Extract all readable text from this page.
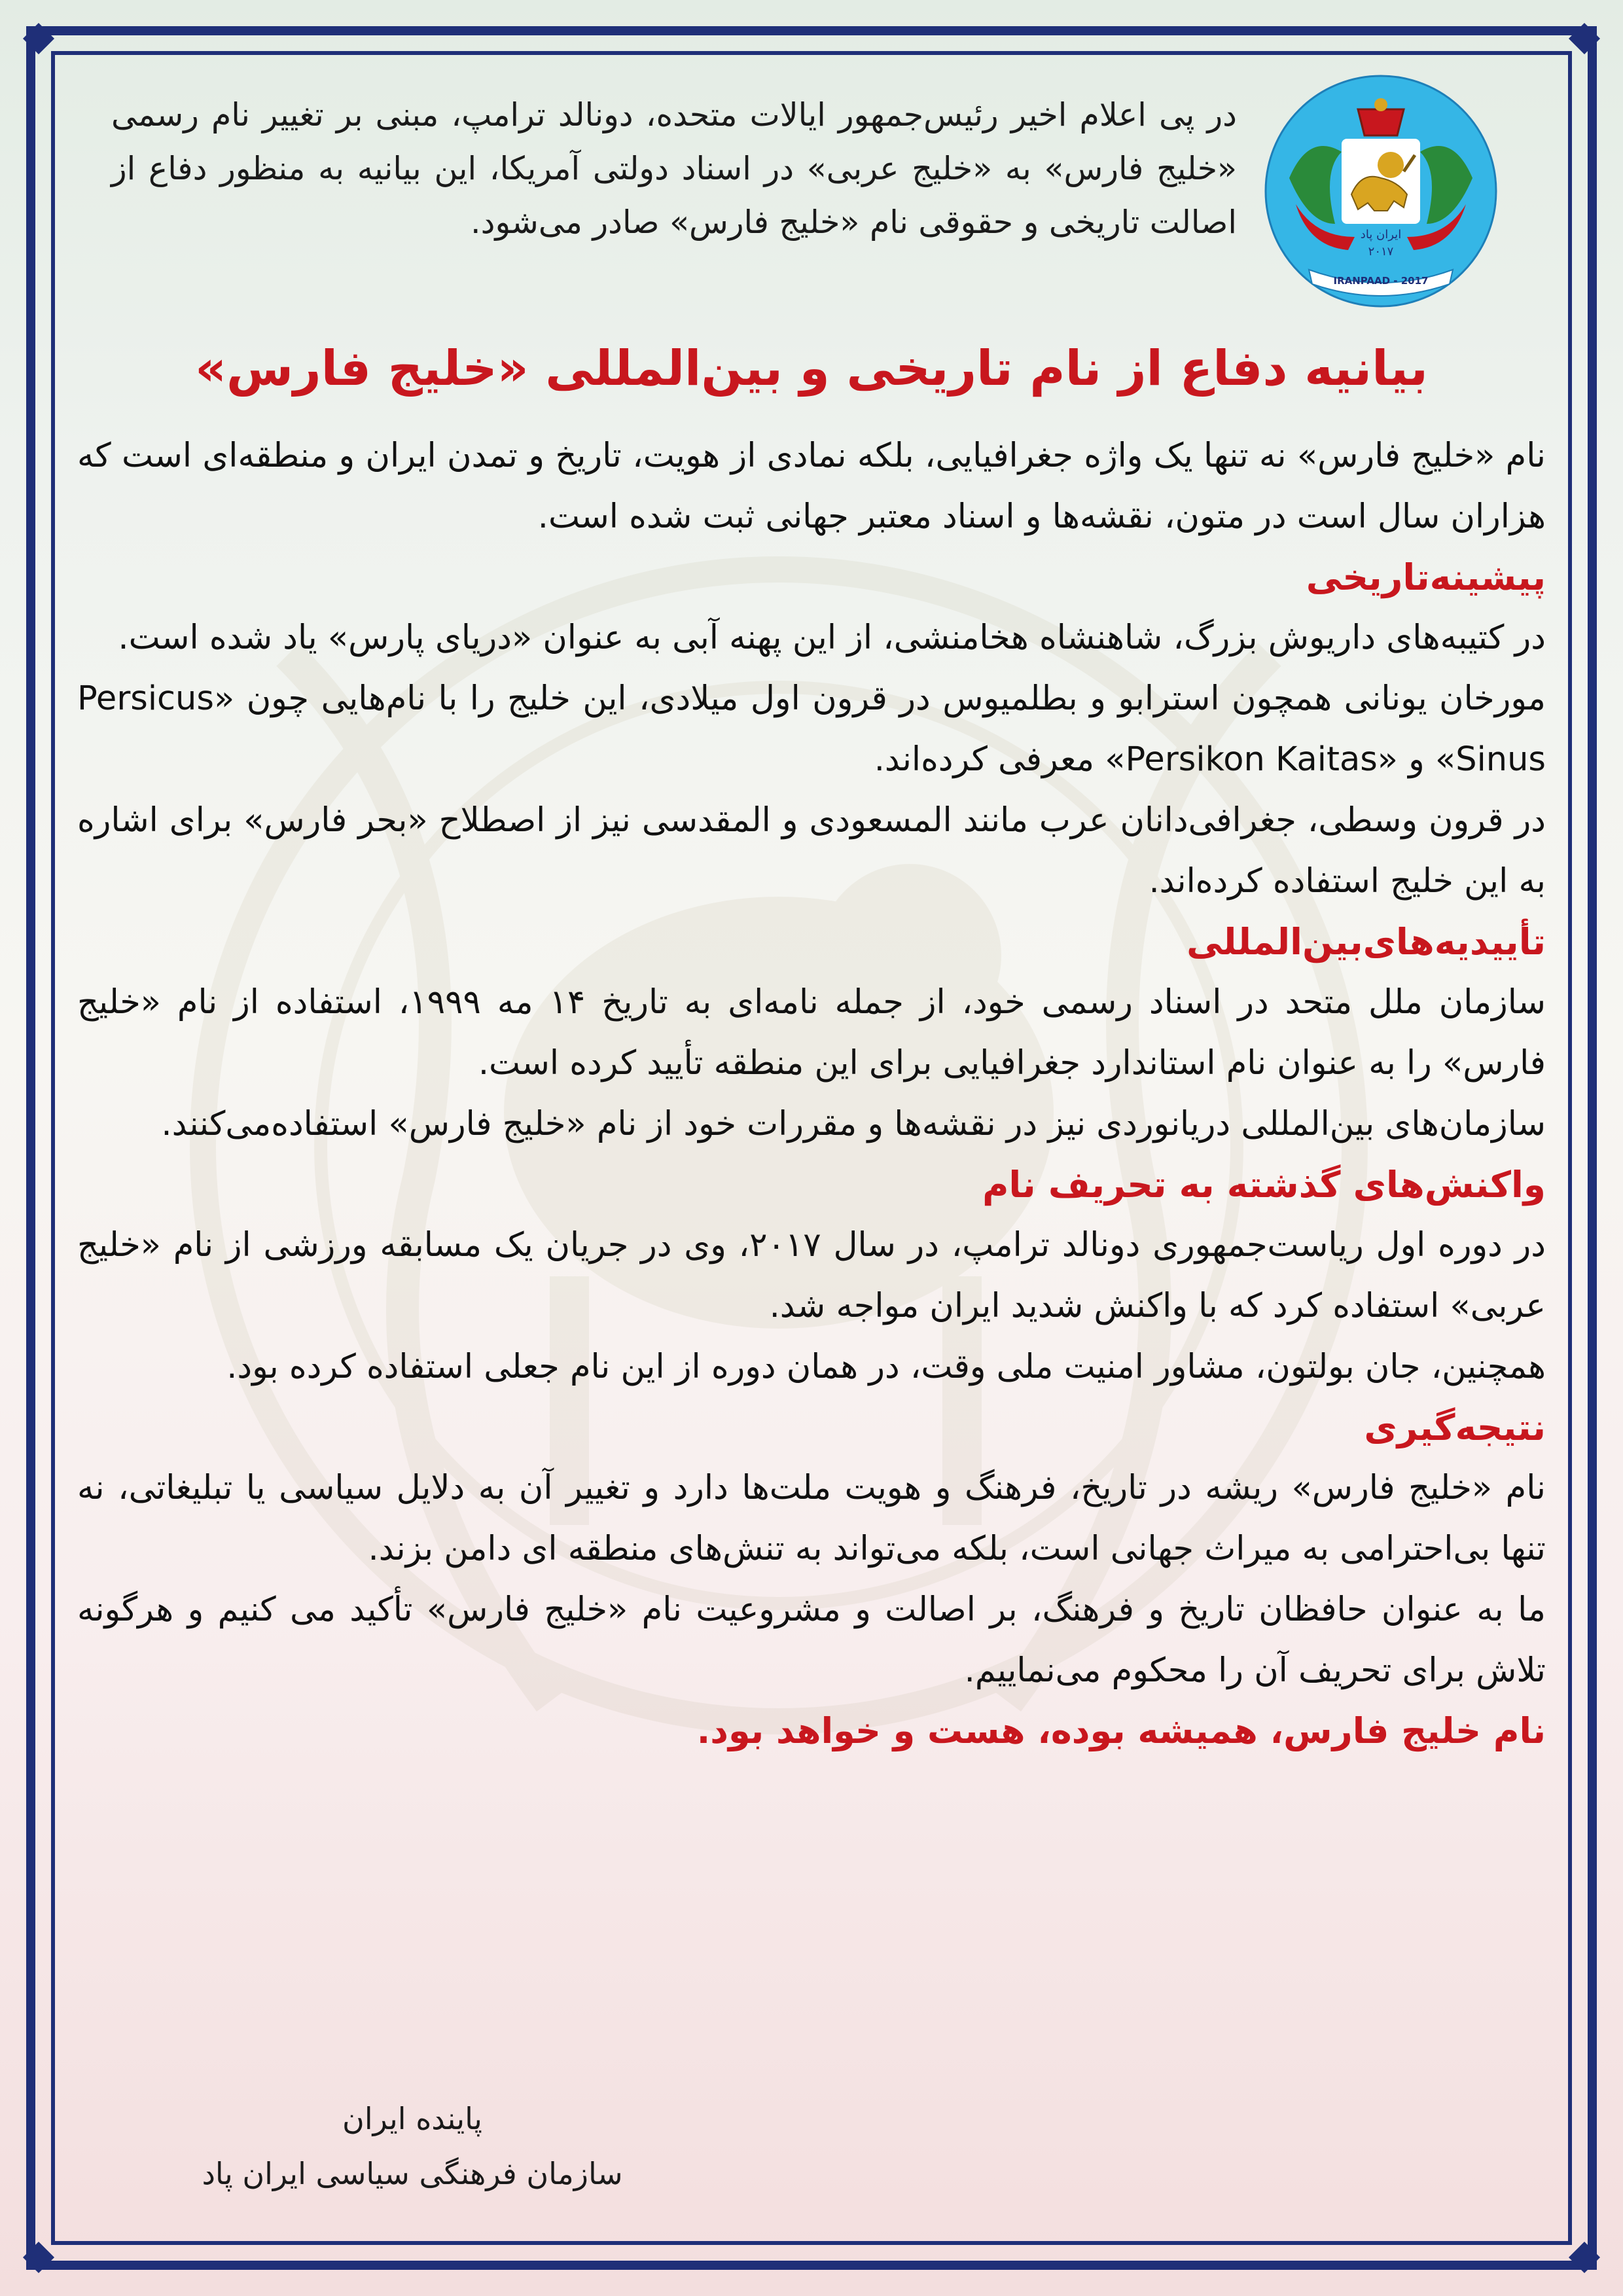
IRANPAAD - 2017
ایران پاد
۲۰۱۷
در پی اعلام اخیر رئیس‌جمهور ایالات متحده، دونالد ترامپ، مبنی بر تغییر نام رسمی «خلیج فارس» به «خلیج عربی» در اسناد دولتی آمریکا، این بیانیه به منظور دفاع از اصالت تاریخی و حقوقی نام «خلیج فارس» صادر می‌شود.
بیانیه دفاع از نام تاریخی و بین‌المللی «خلیج فارس»

نام «خلیج فارس» نه تنها یک واژه جغرافیایی، بلکه نمادی از هویت، تاریخ و تمدن ایران و منطقه‌ای است که هزاران سال است در متون، نقشه‌ها و اسناد معتبر جهانی ثبت شده است.

پیشینه‌تاریخی

در کتیبه‌های داریوش بزرگ، شاهنشاه هخامنشی، از این پهنه آبی به عنوان «دریای پارس» یاد شده است.

مورخان یونانی همچون استرابو و بطلمیوس در قرون اول میلادی، این خلیج را با نام‌هایی چون «Persicus Sinus» و «Persikon Kaitas» معرفی کرده‌اند.

در قرون وسطی، جغرافی‌دانان عرب مانند المسعودی و المقدسی نیز از اصطلاح «بحر فارس» برای اشاره به این خلیج استفاده کرده‌اند.

تأییدیه‌های‌بین‌المللی

سازمان ملل متحد در اسناد رسمی خود، از جمله نامه‌ای به تاریخ ۱۴ مه ۱۹۹۹، استفاده از نام «خلیج فارس» را به عنوان نام استاندارد جغرافیایی برای این منطقه تأیید کرده است.

سازمان‌های بین‌المللی دریانوردی نیز در نقشه‌ها و مقررات خود از نام «خلیج فارس» استفاده‌می‌کنند.

واکنش‌های گذشته به تحریف نام

در دوره اول ریاست‌جمهوری دونالد ترامپ، در سال ۲۰۱۷، وی در جریان یک مسابقه ورزشی از نام «خلیج عربی» استفاده کرد که با واکنش شدید ایران مواجه شد.

همچنین، جان بولتون، مشاور امنیت ملی وقت، در همان دوره از این نام جعلی استفاده کرده بود.

نتیجه‌گیری

نام «خلیج فارس» ریشه در تاریخ، فرهنگ و هویت ملت‌ها دارد و تغییر آن به دلایل سیاسی یا تبلیغاتی، نه تنها بی‌احترامی به میراث جهانی است، بلکه می‌تواند به تنش‌های منطقه ای دامن بزند.

ما به عنوان حافظان تاریخ و فرهنگ، بر اصالت و مشروعیت نام «خلیج فارس» تأکید می کنیم و هرگونه تلاش برای تحریف آن را محکوم می‌نماییم.

نام خلیج فارس، همیشه بوده، هست و خواهد بود.
پاینده ایران
سازمان فرهنگی سیاسی ایران پاد
